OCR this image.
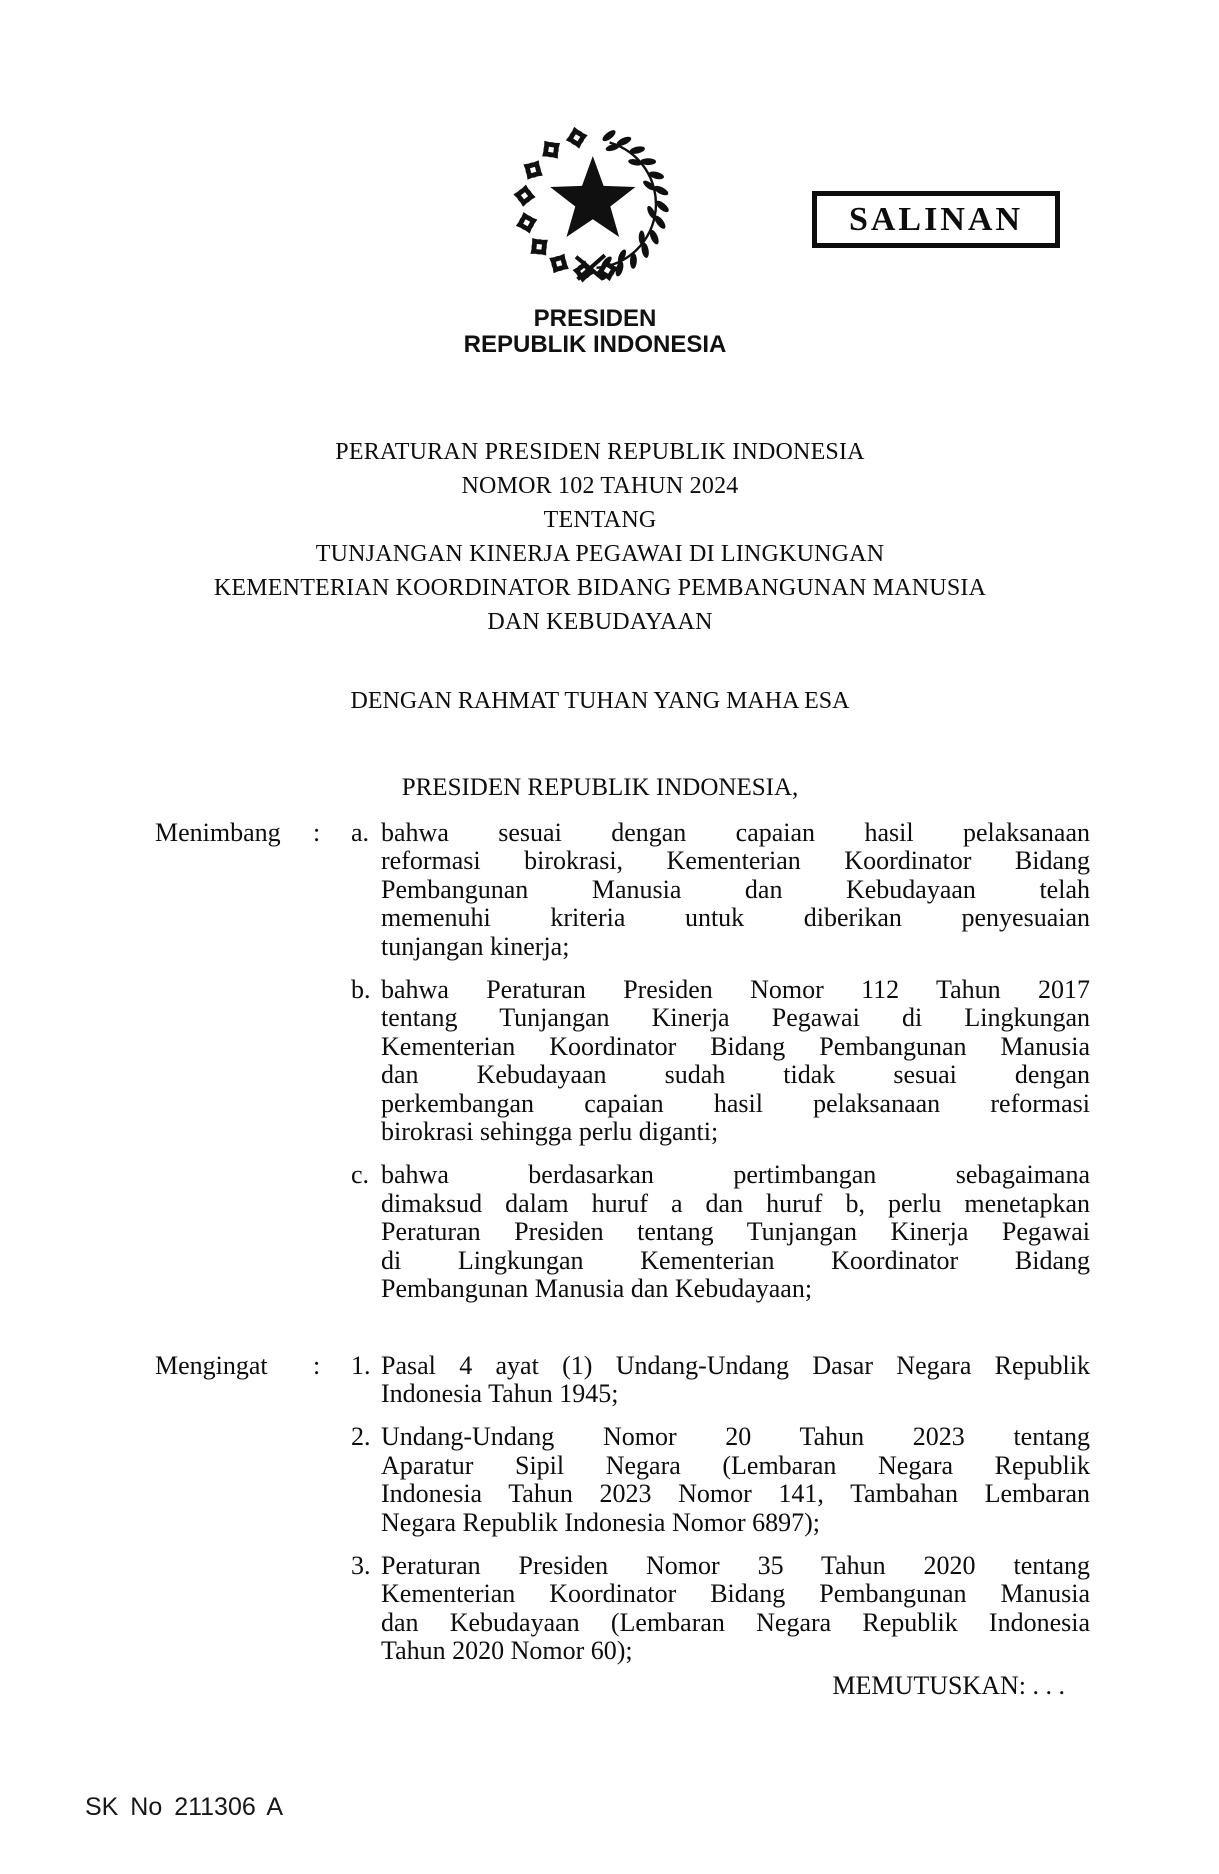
SALINAN
PRESIDEN
REPUBLIK INDONESIA
PERATURAN PRESIDEN REPUBLIK INDONESIA
NOMOR 102 TAHUN 2024
TENTANG
TUNJANGAN KINERJA PEGAWAI DI LINGKUNGAN
KEMENTERIAN KOORDINATOR BIDANG PEMBANGUNAN MANUSIA
DAN KEBUDAYAAN
DENGAN RAHMAT TUHAN YANG MAHA ESA
PRESIDEN REPUBLIK INDONESIA,
Menimbang	:	a. bahwa sesuai dengan capaian hasil pelaksanaan
reformasi birokrasi, Kementerian Koordinator Bidang
Pembangunan Manusia dan Kebudayaan telah
memenuhi kriteria untuk diberikan penyesuaian
tunjangan kinerja;
b. bahwa Peraturan Presiden Nomor 112 Tahun 2017
tentang Tunjangan Kinerja Pegawai di Lingkungan
Kementerian Koordinator Bidang Pembangunan Manusia
dan Kebudayaan sudah tidak sesuai dengan
perkembangan capaian hasil pelaksanaan reformasi
birokrasi sehingga perlu diganti;
c. bahwa berdasarkan pertimbangan sebagaimana
dimaksud dalam huruf a dan huruf b, perlu menetapkan
Peraturan Presiden tentang Tunjangan Kinerja Pegawai
di Lingkungan Kementerian Koordinator Bidang
Pembangunan Manusia dan Kebudayaan;
Mengingat	:	1. Pasal 4 ayat (1) Undang-Undang Dasar Negara Republik
Indonesia Tahun 1945;
2. Undang-Undang Nomor 20 Tahun 2023 tentang
Aparatur Sipil Negara (Lembaran Negara Republik
Indonesia Tahun 2023 Nomor 141, Tambahan Lembaran
Negara Republik Indonesia Nomor 6897);
3. Peraturan Presiden Nomor 35 Tahun 2020 tentang
Kementerian Koordinator Bidang Pembangunan Manusia
dan Kebudayaan (Lembaran Negara Republik Indonesia
Tahun 2020 Nomor 60);
MEMUTUSKAN: . . .
SK No 211306 A
